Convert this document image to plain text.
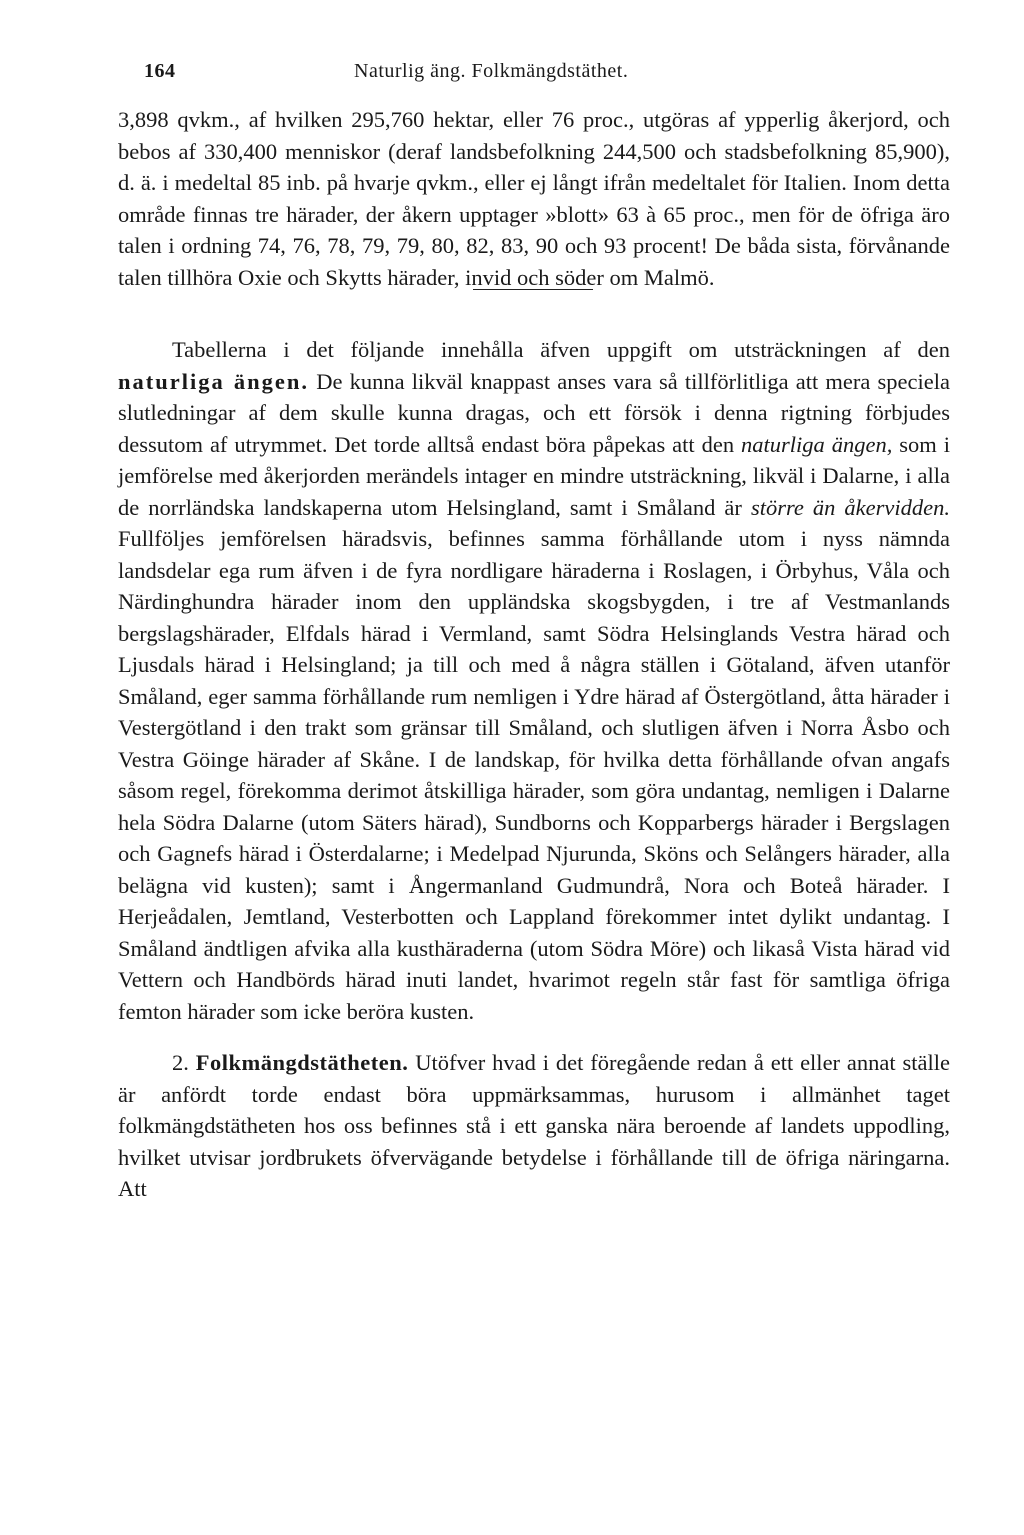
164	Naturlig äng. Folkmängdstäthet.

3,898 qvkm., af hvilken 295,760 hektar, eller 76 proc., utgöras af ypperlig åkerjord, och bebos af 330,400 menniskor (deraf landsbefolkning 244,500 och stadsbefolkning 85,900), d. ä. i medeltal 85 inb. på hvarje qvkm., eller ej långt ifrån medeltalet för Italien. Inom detta område finnas tre härader, der åkern upptager »blott» 63 à 65 proc., men för de öfriga äro talen i ordning 74, 76, 78, 79, 79, 80, 82, 83, 90 och 93 procent! De båda sista, förvånande talen tillhöra Oxie och Skytts härader, invid och söder om Malmö.

Tabellerna i det följande innehålla äfven uppgift om utsträckningen af den naturliga ängen. De kunna likväl knappast anses vara så tillförlitliga att mera speciela slutledningar af dem skulle kunna dragas, och ett försök i denna rigtning förbjudes dessutom af utrymmet. Det torde alltså endast böra påpekas att den naturliga ängen, som i jemförelse med åkerjorden merändels intager en mindre utsträckning, likväl i Dalarne, i alla de norrländska landskaperna utom Helsingland, samt i Småland är större än åkervidden. Fullföljes jemförelsen häradsvis, befinnes samma förhållande utom i nyss nämnda landsdelar ega rum äfven i de fyra nordligare häraderna i Roslagen, i Örbyhus, Våla och Närdinghundra härader inom den uppländska skogsbygden, i tre af Vestmanlands bergslagshärader, Elfdals härad i Vermland, samt Södra Helsinglands Vestra härad och Ljusdals härad i Helsingland; ja till och med å några ställen i Götaland, äfven utanför Småland, eger samma förhållande rum nemligen i Ydre härad af Östergötland, åtta härader i Vestergötland i den trakt som gränsar till Småland, och slutligen äfven i Norra Åsbo och Vestra Göinge härader af Skåne. I de landskap, för hvilka detta förhållande ofvan angafs såsom regel, förekomma derimot åtskilliga härader, som göra undantag, nemligen i Dalarne hela Södra Dalarne (utom Säters härad), Sundborns och Kopparbergs härader i Bergslagen och Gagnefs härad i Österdalarne; i Medelpad Njurunda, Sköns och Selångers härader, alla belägna vid kusten); samt i Ångermanland Gudmundrå, Nora och Boteå härader. I Herjeådalen, Jemtland, Vesterbotten och Lappland förekommer intet dylikt undantag. I Småland ändtligen afvika alla kusthäraderna (utom Södra Möre) och likaså Vista härad vid Vettern och Handbörds härad inuti landet, hvarimot regeln står fast för samtliga öfriga femton härader som icke beröra kusten.

2. Folkmängdstätheten. Utöfver hvad i det föregående redan å ett eller annat ställe är anfördt torde endast böra uppmärksammas, hurusom i allmänhet taget folkmängdstätheten hos oss befinnes stå i ett ganska nära beroende af landets uppodling, hvilket utvisar jordbrukets öfvervägande betydelse i förhållande till de öfriga näringarna. Att
